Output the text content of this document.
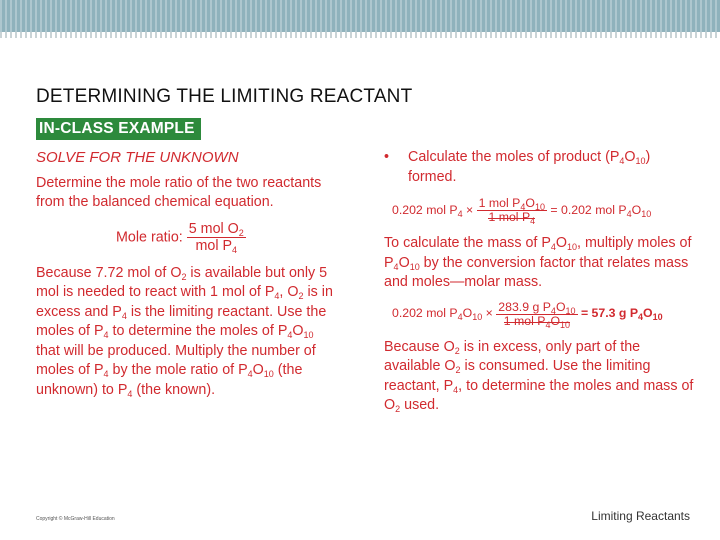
DETERMINING THE LIMITING REACTANT
IN-CLASS EXAMPLE
SOLVE FOR THE UNKNOWN

Determine the mole ratio of the two reactants from the balanced chemical equation.

Mole ratio: $\frac{5 mol O_2}{mol P_4}$

Because 7.72 mol of $O_2$ is available but only 5 mol is needed to react with 1 mol of $P_4$, $O_2$ is in excess and $P_4$ is the limiting reactant. Use the moles of $P_4$ to determine the moles of $P_4O_{10}$ that will be produced. Multiply the number of moles of $P_4$ by the mole ratio of $P_4O_{10}$ (the unknown) to $P_4$ (the known).

• Calculate the moles of product $(P_4O_{10})$ formed.
0.202 mol $P_4 \times \frac{1 mol P_4O_{10}}{1 mol P_4} = 0.202$ mol $P_4O_{10}$

To calculate the mass of $P_4O_{10}$, multiply moles of $P_4O_{10}$ by the conversion factor that relates mass and moles—molar mass.

0.202 mol $P_4O_{10} \times \frac{283.9 g P_4O_{10}}{1 mol P_4O_{10}} = 57.3$ g $P_4O_{10}$

Because $O_2$ is in excess, only part of the available $O_2$ is consumed. Use the limiting reactant, $P_4$, to determine the moles and mass of $O_2$ used.

Copyright © McGraw-Hill Education	Limiting Reactants
